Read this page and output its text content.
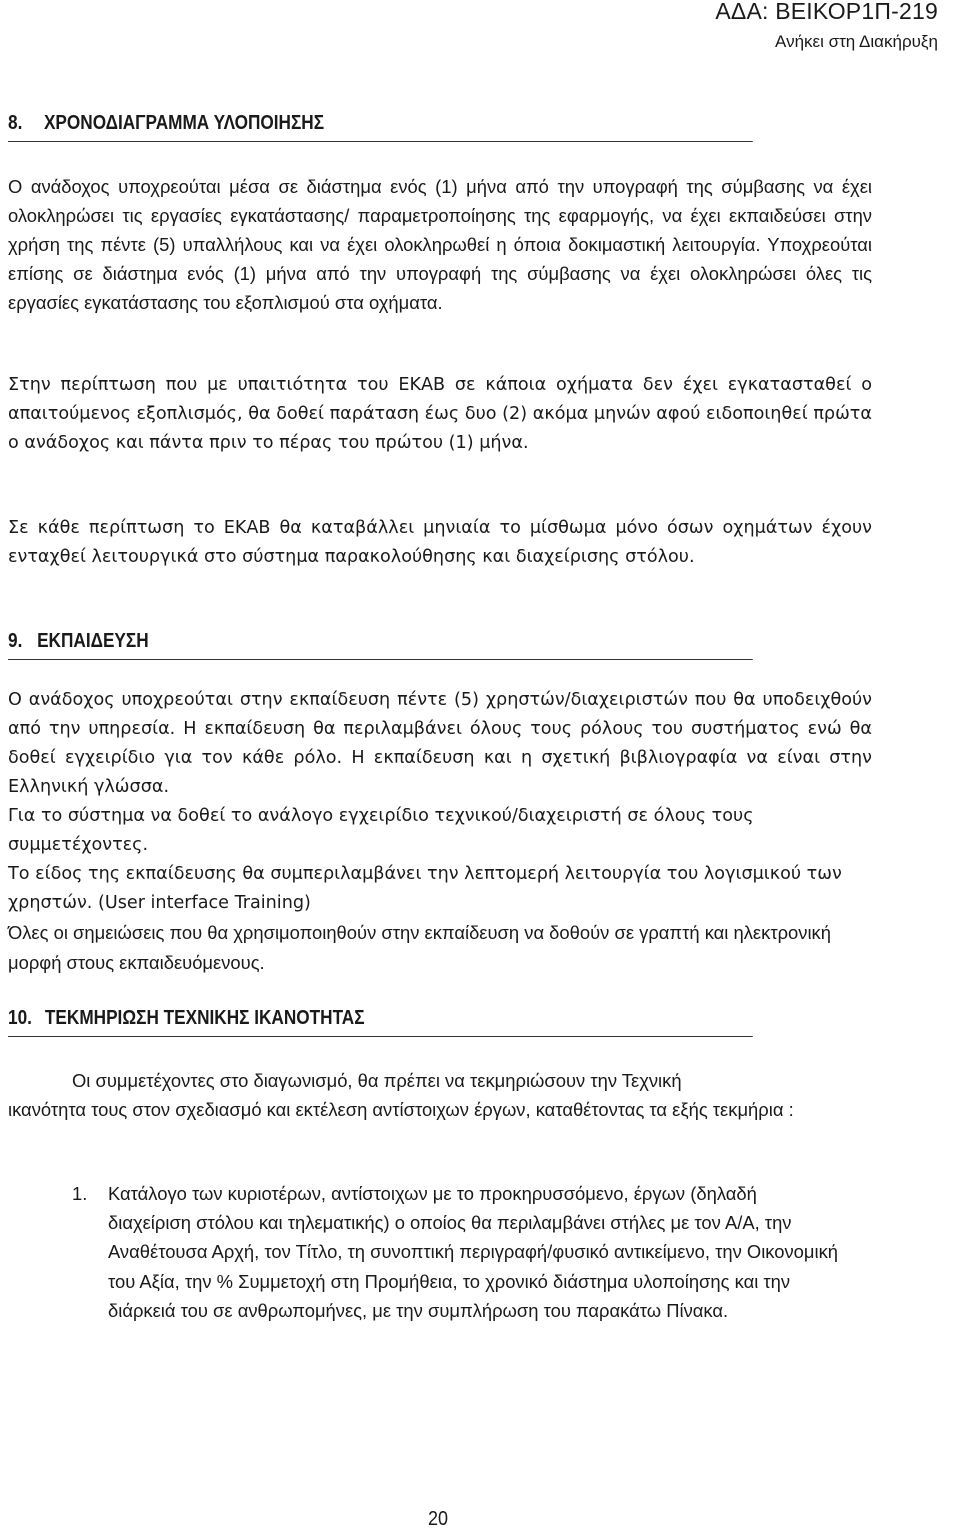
ΑΔΑ: ΒΕΙΚΟΡ1Π-219
Ανήκει στη Διακήρυξη
8. ΧΡΟΝΟΔΙΑΓΡΑΜΜΑ ΥΛΟΠΟΙΗΣΗΣ

Ο ανάδοχος υποχρεούται μέσα σε διάστημα ενός (1) μήνα από την υπογραφή της σύμβασης να έχει ολοκληρώσει τις εργασίες εγκατάστασης/ παραμετροποίησης της εφαρμογής, να έχει εκπαιδεύσει στην χρήση της πέντε (5) υπαλλήλους και να έχει ολοκληρωθεί η όποια δοκιμαστική λειτουργία. Υποχρεούται επίσης σε διάστημα ενός (1) μήνα από την υπογραφή της σύμβασης να έχει ολοκληρώσει όλες τις εργασίες εγκατάστασης του εξοπλισμού στα οχήματα.

Στην περίπτωση που με υπαιτιότητα του ΕΚΑΒ σε κάποια οχήματα δεν έχει εγκατασταθεί ο απαιτούμενος εξοπλισμός, θα δοθεί παράταση έως δυο (2) ακόμα μηνών αφού ειδοποιηθεί πρώτα ο ανάδοχος και πάντα πριν το πέρας του πρώτου (1) μήνα.

Σε κάθε περίπτωση το ΕΚΑΒ θα καταβάλλει μηνιαία το μίσθωμα μόνο όσων οχημάτων έχουν ενταχθεί λειτουργικά στο σύστημα παρακολούθησης και διαχείρισης στόλου.

9. ΕΚΠΑΙΔΕΥΣΗ

Ο ανάδοχος υποχρεούται στην εκπαίδευση πέντε (5) χρηστών/διαχειριστών που θα υποδειχθούν από την υπηρεσία. Η εκπαίδευση θα περιλαμβάνει όλους τους ρόλους του συστήματος ενώ θα δοθεί εγχειρίδιο για τον κάθε ρόλο. Η εκπαίδευση και η σχετική βιβλιογραφία να είναι στην Ελληνική γλώσσα.

Για το σύστημα να δοθεί το ανάλογο εγχειρίδιο τεχνικού/διαχειριστή σε όλους τους συμμετέχοντες.

Το είδος της εκπαίδευσης θα συμπεριλαμβάνει την λεπτομερή λειτουργία του λογισμικού των χρηστών. (User interface Training)

Όλες οι σημειώσεις που θα χρησιμοποιηθούν στην εκπαίδευση να δοθούν σε γραπτή και ηλεκτρονική μορφή στους εκπαιδευόμενους.

10. ΤΕΚΜΗΡΙΩΣΗ ΤΕΧΝΙΚΗΣ ΙΚΑΝΟΤΗΤΑΣ

Οι συμμετέχοντες στο διαγωνισμό, θα πρέπει να τεκμηριώσουν την Τεχνική

ικανότητα τους στον σχεδιασμό και εκτέλεση αντίστοιχων έργων, καταθέτοντας τα εξής τεκμήρια :

1. Κατάλογο των κυριοτέρων, αντίστοιχων με το προκηρυσσόμενο, έργων (δηλαδή διαχείριση στόλου και τηλεματικής) ο οποίος θα περιλαμβάνει στήλες με τον Α/Α, την Αναθέτουσα Αρχή, τον Τίτλο, τη συνοπτική περιγραφή/φυσικό αντικείμενο, την Οικονομική του Αξία, την % Συμμετοχή στη Προμήθεια, το χρονικό διάστημα υλοποίησης και την διάρκειά του σε ανθρωπομήνες, με την συμπλήρωση του παρακάτω Πίνακα.
20
